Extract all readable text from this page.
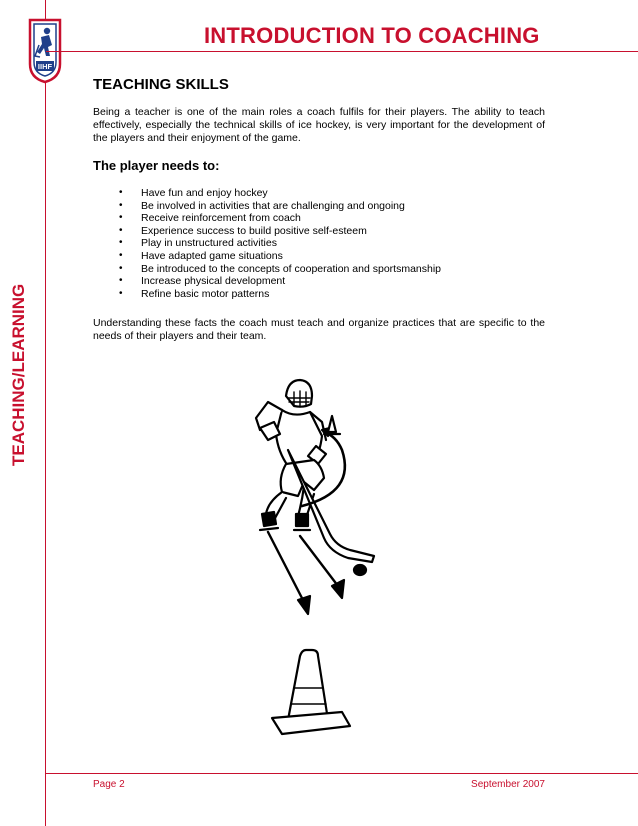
IIHF
INTRODUCTION TO COACHING
TEACHING/LEARNING
TEACHING SKILLS

Being a teacher is one of the main roles a coach fulfils for their players. The ability to teach effectively, especially the technical skills of ice hockey, is very important for the development of the players and their enjoyment of the game.

The player needs to:
• Have fun and enjoy hockey
• Be involved in activities that are challenging and ongoing
• Receive reinforcement from coach
• Experience success to build positive self-esteem
• Play in unstructured activities
• Have adapted game situations
• Be introduced to the concepts of cooperation and sportsmanship
• Increase physical development
• Refine basic motor patterns

Understanding these facts the coach must teach and organize practices that are specific to the needs of their players and their team.

Page 2	September 2007
